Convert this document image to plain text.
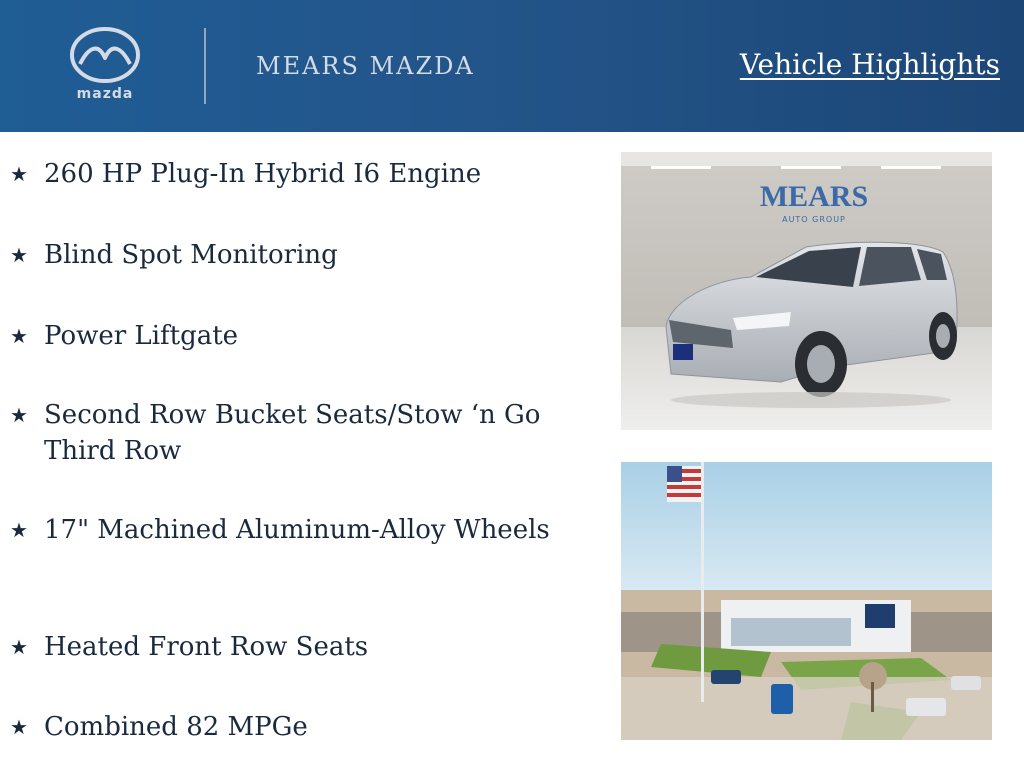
mazda
MEARS MAZDA	Vehicle Highlights
★ 260 HP Plug-In Hybrid I6 Engine
★ Blind Spot Monitoring
★ Power Liftgate
★ Second Row Bucket Seats/Stow ‘n Go Third Row
★ 17" Machined Aluminum-Alloy Wheels
★ Heated Front Row Seats
★ Combined 82 MPGe
MEARS
AUTO GROUP
